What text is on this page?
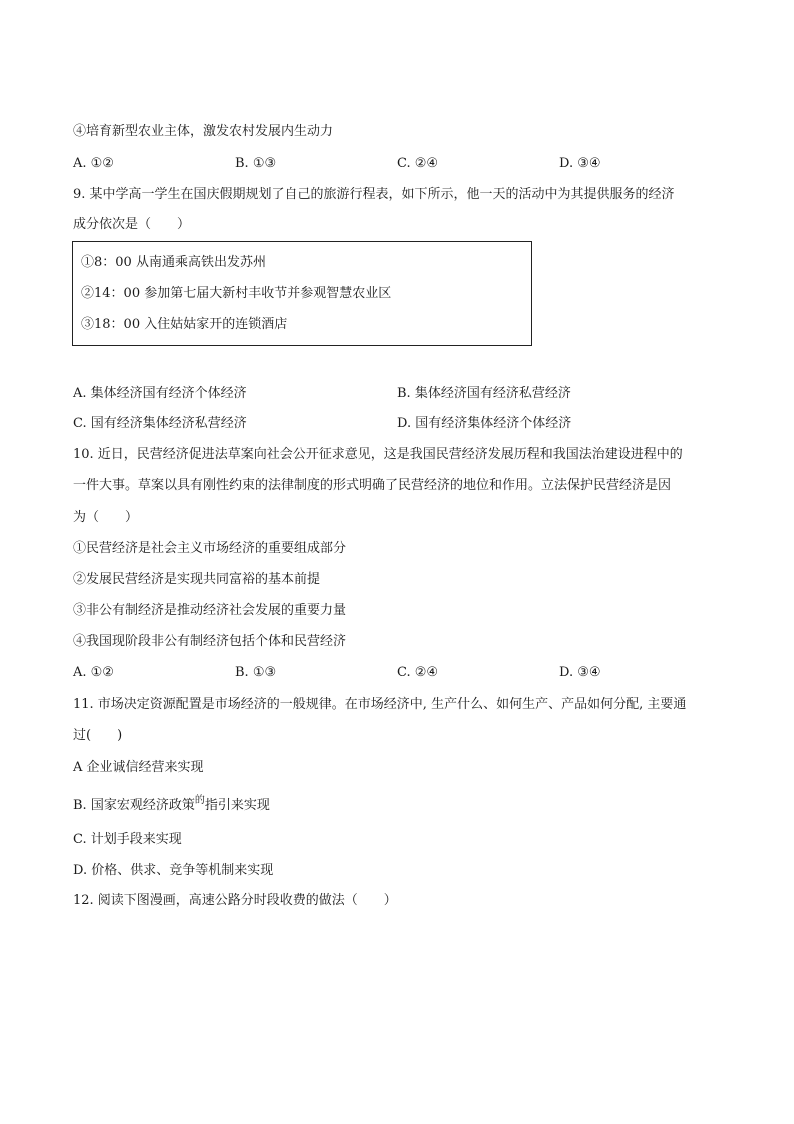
④培育新型农业主体，激发农村发展内生动力
A. ①②	B. ①③	C. ②④	D. ③④
9. 某中学高一学生在国庆假期规划了自己的旅游行程表，如下所示，他一天的活动中为其提供服务的经济
成分依次是（　　）
①8：00 从南通乘高铁出发苏州
②14：00 参加第七届大新村丰收节并参观智慧农业区
③18：00 入住姑姑家开的连锁酒店
A. 集体经济国有经济个体经济	B. 集体经济国有经济私营经济
C. 国有经济集体经济私营经济	D. 国有经济集体经济个体经济
10. 近日，民营经济促进法草案向社会公开征求意见，这是我国民营经济发展历程和我国法治建设进程中的
一件大事。草案以具有刚性约束的法律制度的形式明确了民营经济的地位和作用。立法保护民营经济是因
为（　　）
①民营经济是社会主义市场经济的重要组成部分
②发展民营经济是实现共同富裕的基本前提
③非公有制经济是推动经济社会发展的重要力量
④我国现阶段非公有制经济包括个体和民营经济
A. ①②	B. ①③	C. ②④	D. ③④
11. 市场决定资源配置是市场经济的一般规律。在市场经济中, 生产什么、如何生产、产品如何分配, 主要通
过(　　)
A 企业诚信经营来实现
B. 国家宏观经济政策$^的$指引来实现
C. 计划手段来实现
D. 价格、供求、竞争等机制来实现
12. 阅读下图漫画，高速公路分时段收费的做法（　　）
